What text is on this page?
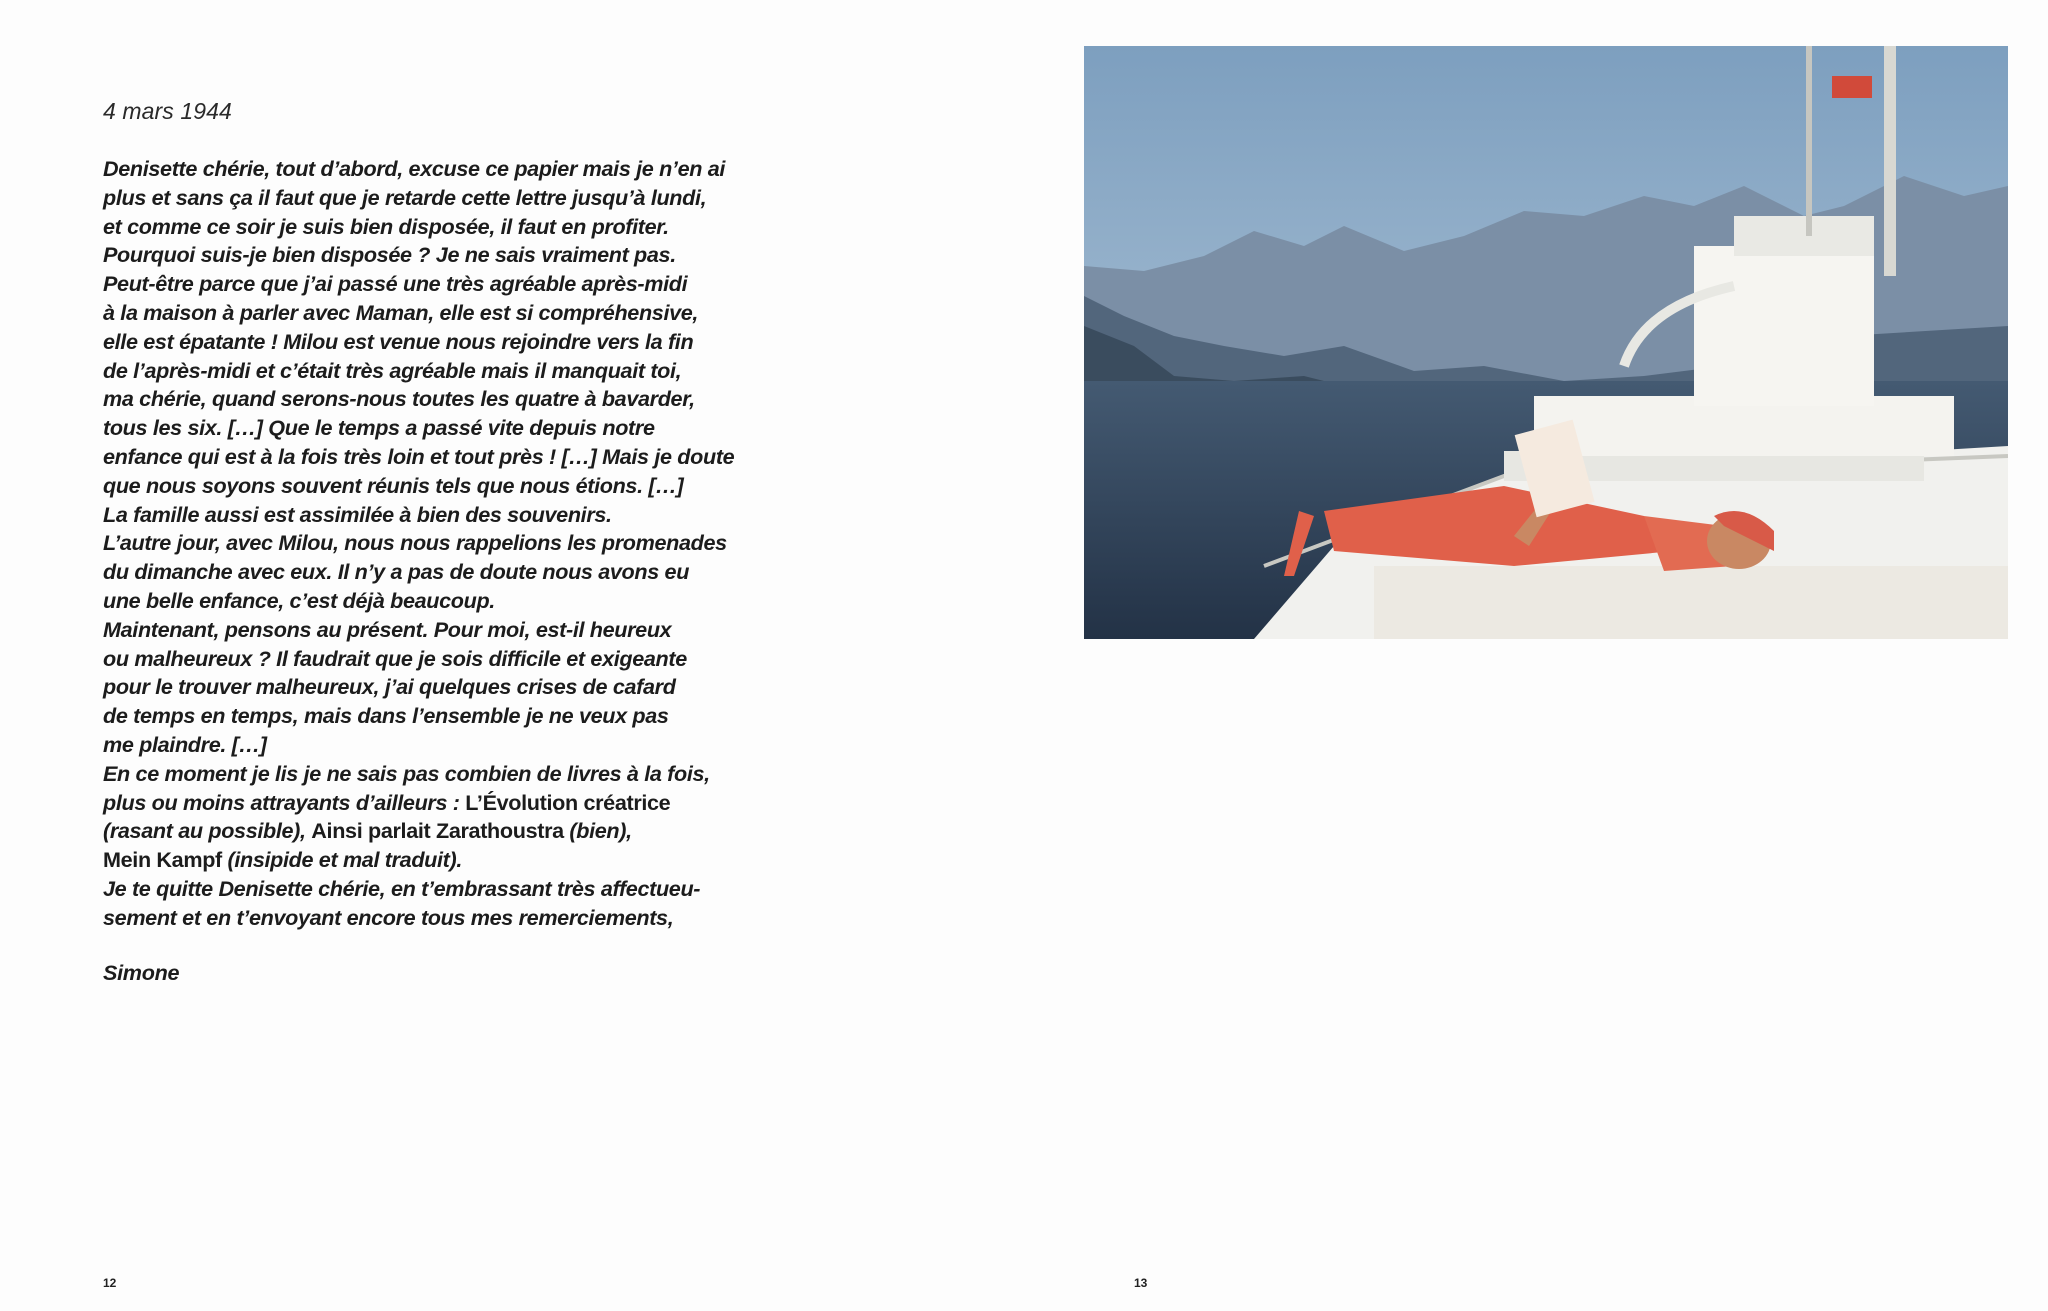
4 mars 1944
Denisette chérie, tout d’abord, excuse ce papier mais je n’en ai
plus et sans ça il faut que je retarde cette lettre jusqu’à lundi,
et comme ce soir je suis bien disposée, il faut en profiter.
Pourquoi suis-je bien disposée ? Je ne sais vraiment pas.
Peut-être parce que j’ai passé une très agréable après-midi
à la maison à parler avec Maman, elle est si compréhensive,
elle est épatante ! Milou est venue nous rejoindre vers la fin
de l’après-midi et c’était très agréable mais il manquait toi,
ma chérie, quand serons-nous toutes les quatre à bavarder,
tous les six. […] Que le temps a passé vite depuis notre
enfance qui est à la fois très loin et tout près ! […] Mais je doute
que nous soyons souvent réunis tels que nous étions. […]
La famille aussi est assimilée à bien des souvenirs.
L’autre jour, avec Milou, nous nous rappelions les promenades
du dimanche avec eux. Il n’y a pas de doute nous avons eu
une belle enfance, c’est déjà beaucoup.
Maintenant, pensons au présent. Pour moi, est-il heureux
ou malheureux ? Il faudrait que je sois difficile et exigeante
pour le trouver malheureux, j’ai quelques crises de cafard
de temps en temps, mais dans l’ensemble je ne veux pas
me plaindre. […]
En ce moment je lis je ne sais pas combien de livres à la fois,
plus ou moins attrayants d’ailleurs : L’Évolution créatrice
(rasant au possible), Ainsi parlait Zarathoustra (bien),
Mein Kampf (insipide et mal traduit).
Je te quitte Denisette chérie, en t’embrassant très affectueu-
sement et en t’envoyant encore tous mes remerciements,
Simone
12	13
